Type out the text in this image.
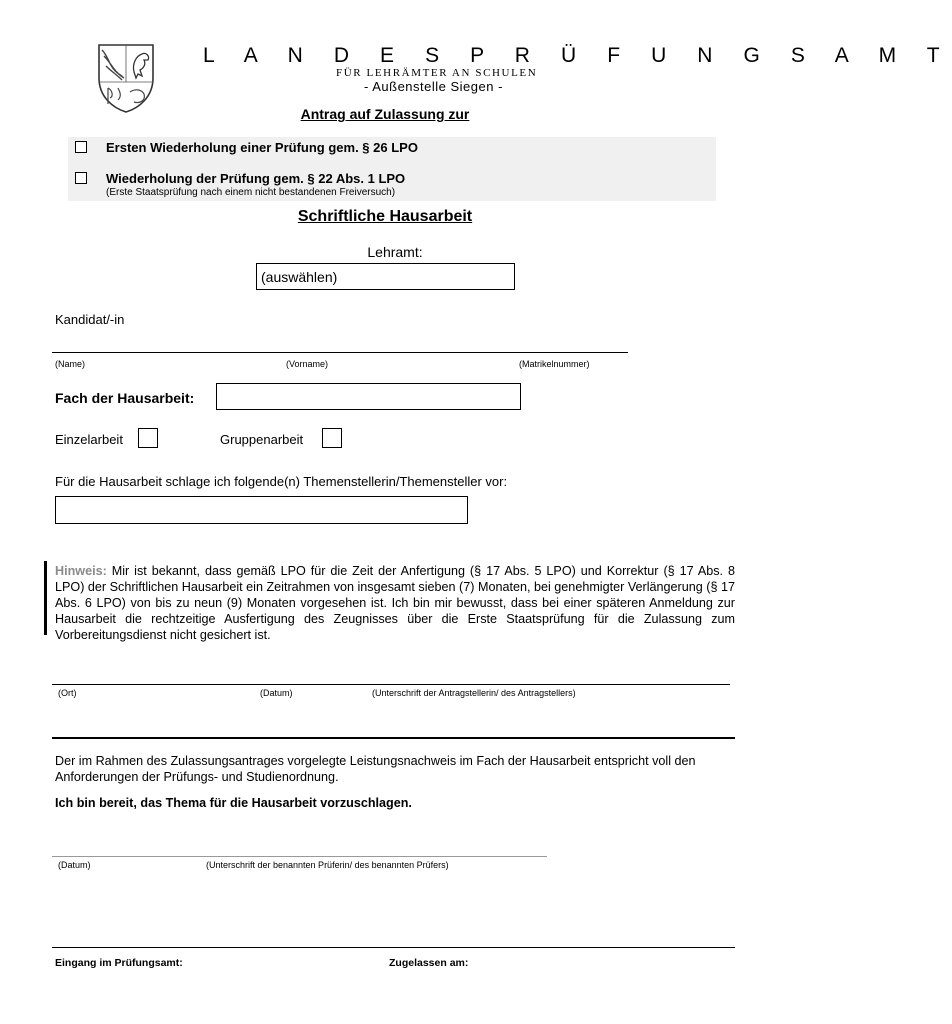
L A N D E S P R Ü F U N G S A M T
FÜR LEHRÄMTER AN SCHULEN
- Außenstelle Siegen -
Antrag auf Zulassung zur
Ersten Wiederholung einer Prüfung gem. § 26 LPO
Wiederholung der Prüfung gem. § 22 Abs. 1 LPO
(Erste Staatsprüfung nach einem nicht bestandenen Freiversuch)
Schriftliche Hausarbeit
Lehramt:
(auswählen)
Kandidat/-in
(Name)	(Vorname)	(Matrikelnummer)
Fach der Hausarbeit:
Einzelarbeit	Gruppenarbeit
Für die Hausarbeit schlage ich folgende(n) Themenstellerin/Themensteller vor:
Hinweis: Mir ist bekannt, dass gemäß LPO für die Zeit der Anfertigung (§ 17 Abs. 5 LPO) und Korrektur (§ 17 Abs. 8 LPO) der Schriftlichen Hausarbeit ein Zeitrahmen von insgesamt sieben (7) Monaten, bei genehmigter Verlängerung (§ 17 Abs. 6 LPO) von bis zu neun (9) Monaten vorgesehen ist. Ich bin mir bewusst, dass bei einer späteren Anmeldung zur Hausarbeit die rechtzeitige Ausfertigung des Zeugnisses über die Erste Staatsprüfung für die Zulassung zum Vorbereitungsdienst nicht gesichert ist.
(Ort)	(Datum)	(Unterschrift der Antragstellerin/ des Antragstellers)
Der im Rahmen des Zulassungsantrages vorgelegte Leistungsnachweis im Fach der Hausarbeit entspricht voll den Anforderungen der Prüfungs- und Studienordnung.
Ich bin bereit, das Thema für die Hausarbeit vorzuschlagen.
(Datum)	(Unterschrift der benannten Prüferin/ des benannten Prüfers)
Eingang im Prüfungsamt:	Zugelassen am:
